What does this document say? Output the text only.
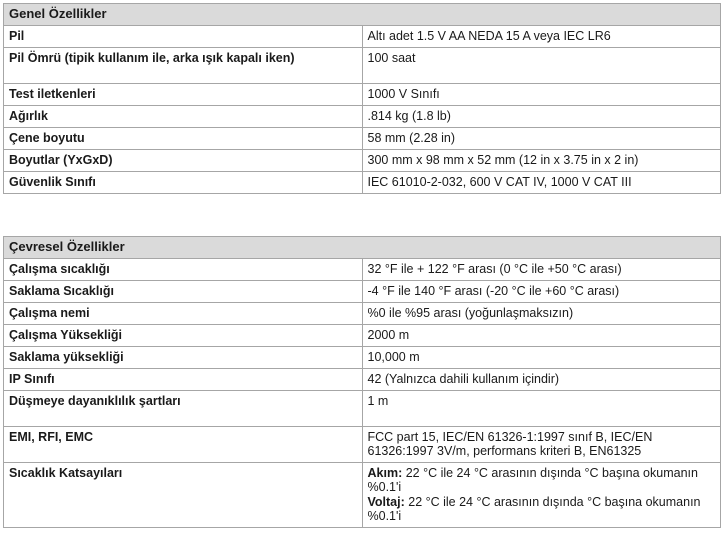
Genel Özellikler	
Pil	Altı adet 1.5 V AA NEDA 15 A veya IEC LR6
Pil Ömrü (tipik kullanım ile, arka ışık kapalı iken)	100 saat
Test iletkenleri	1000 V Sınıfı
Ağırlık	.814 kg (1.8 lb)
Çene boyutu	58 mm (2.28 in)
Boyutlar (YxGxD)	300 mm x 98 mm x 52 mm (12 in x 3.75 in x 2 in)
Güvenlik Sınıfı	IEC 61010-2-032, 600 V CAT IV, 1000 V CAT III
Çevresel Özellikler	
Çalışma sıcaklığı	32 °F ile + 122 °F arası (0 °C ile +50 °C arası)
Saklama Sıcaklığı	-4 °F ile 140 °F arası (-20 °C ile +60 °C arası)
Çalışma nemi	%0 ile %95 arası (yoğunlaşmaksızın)
Çalışma Yüksekliği	2000 m
Saklama yüksekliği	10,000 m
IP Sınıfı	42 (Yalnızca dahili kullanım içindir)
Düşmeye dayanıklılık şartları	1 m
EMI, RFI, EMC	FCC part 15, IEC/EN 61326-1:1997 sınıf B, IEC/EN 61326:1997 3V/m, performans kriteri B, EN61325
Sıcaklık Katsayıları	Akım: 22 °C ile 24 °C arasının dışında °C başına okumanın %0.1'i
Voltaj: 22 °C ile 24 °C arasının dışında °C başına okumanın %0.1'i
